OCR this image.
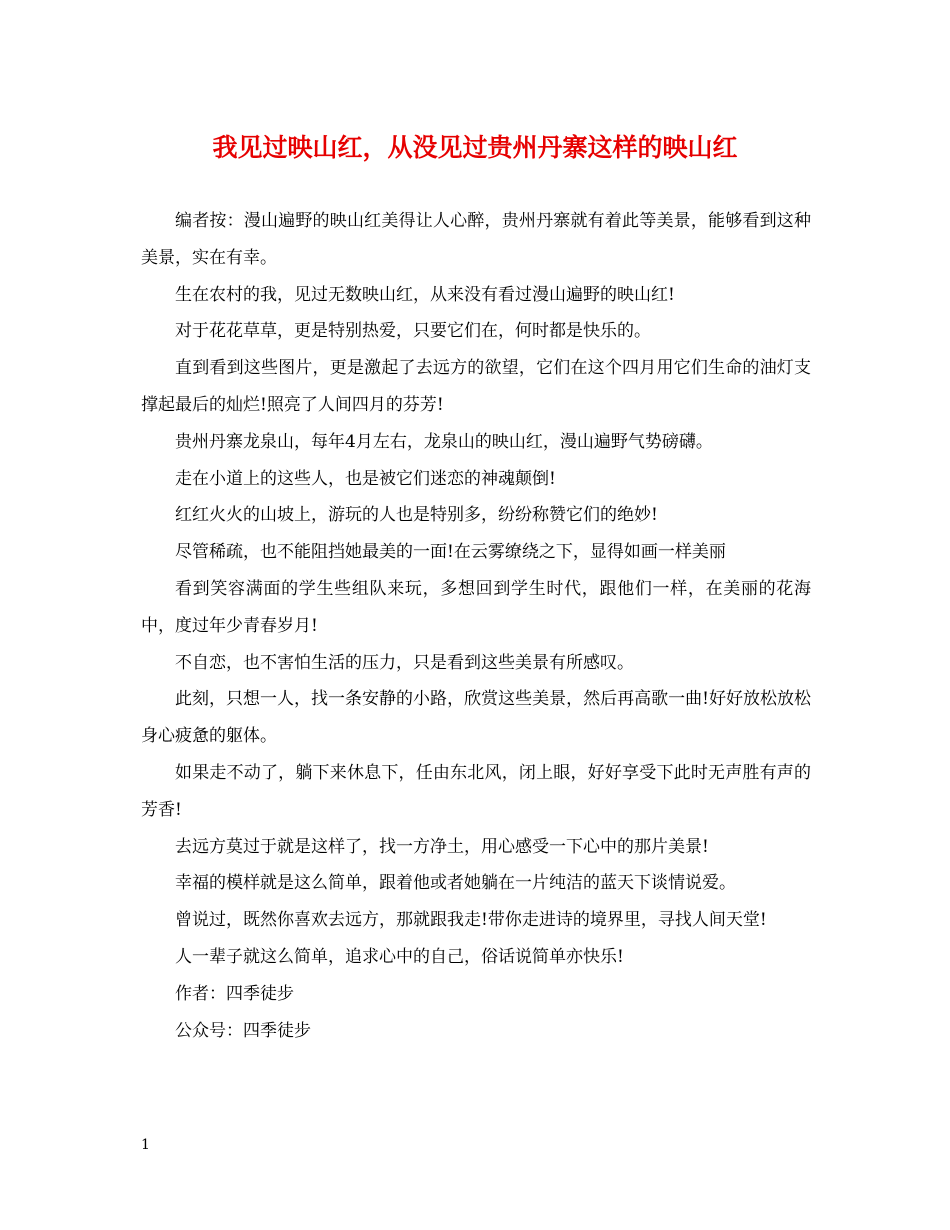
我见过映山红，从没见过贵州丹寨这样的映山红

编者按：漫山遍野的映山红美得让人心醉，贵州丹寨就有着此等美景，能够看到这种美景，实在有幸。

生在农村的我，见过无数映山红，从来没有看过漫山遍野的映山红!

对于花花草草，更是特别热爱，只要它们在，何时都是快乐的。

直到看到这些图片，更是激起了去远方的欲望，它们在这个四月用它们生命的油灯支撑起最后的灿烂!照亮了人间四月的芬芳!

贵州丹寨龙泉山，每年4月左右，龙泉山的映山红，漫山遍野气势磅礴。

走在小道上的这些人，也是被它们迷恋的神魂颠倒!

红红火火的山坡上，游玩的人也是特别多，纷纷称赞它们的绝妙!

尽管稀疏，也不能阻挡她最美的一面!在云雾缭绕之下，显得如画一样美丽

看到笑容满面的学生些组队来玩，多想回到学生时代，跟他们一样，在美丽的花海中，度过年少青春岁月!

不自恋，也不害怕生活的压力，只是看到这些美景有所感叹。

此刻，只想一人，找一条安静的小路，欣赏这些美景，然后再高歌一曲!好好放松放松身心疲惫的躯体。

如果走不动了，躺下来休息下，任由东北风，闭上眼，好好享受下此时无声胜有声的芳香!

去远方莫过于就是这样了，找一方净土，用心感受一下心中的那片美景!

幸福的模样就是这么简单，跟着他或者她躺在一片纯洁的蓝天下谈情说爱。

曾说过，既然你喜欢去远方，那就跟我走!带你走进诗的境界里，寻找人间天堂!

人一辈子就这么简单，追求心中的自己，俗话说简单亦快乐!

作者：四季徒步

公众号：四季徒步

1
